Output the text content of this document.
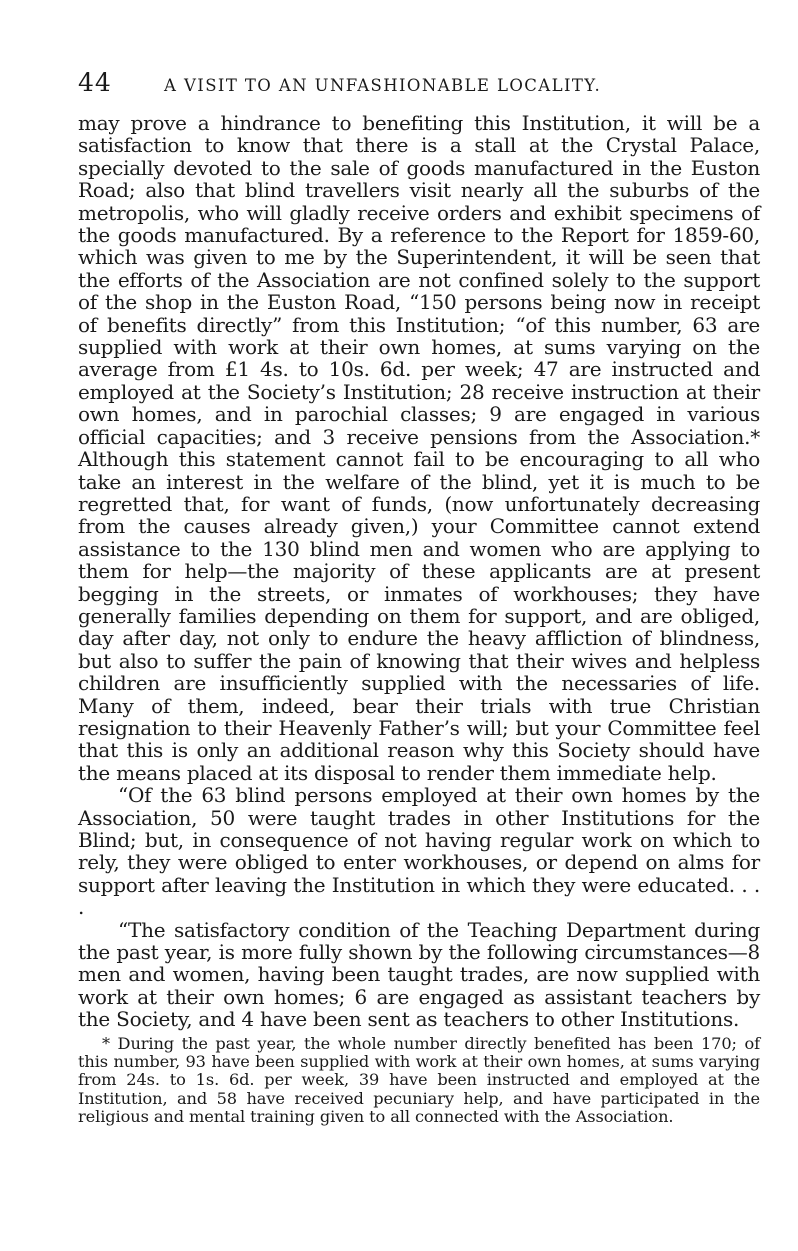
44	A VISIT TO AN UNFASHIONABLE LOCALITY.

may prove a hindrance to benefiting this Institution, it will be a satisfaction to know that there is a stall at the Crystal Palace, specially devoted to the sale of goods manufactured in the Euston Road; also that blind travellers visit nearly all the suburbs of the metropolis, who will gladly receive orders and exhibit specimens of the goods manufactured. By a reference to the Report for 1859-60, which was given to me by the Superintendent, it will be seen that the efforts of the Association are not confined solely to the support of the shop in the Euston Road, “150 persons being now in receipt of benefits directly” from this Institution; “of this number, 63 are supplied with work at their own homes, at sums varying on the average from £1 4s. to 10s. 6d. per week; 47 are instructed and employed at the Society’s Institution; 28 receive instruction at their own homes, and in parochial classes; 9 are engaged in various official capacities; and 3 receive pensions from the Association.* Although this statement cannot fail to be encouraging to all who take an interest in the welfare of the blind, yet it is much to be regretted that, for want of funds, (now unfortunately decreasing from the causes already given,) your Committee cannot extend assistance to the 130 blind men and women who are applying to them for help—the majority of these applicants are at present begging in the streets, or inmates of workhouses; they have generally families depending on them for support, and are obliged, day after day, not only to endure the heavy affliction of blindness, but also to suffer the pain of knowing that their wives and helpless children are insufficiently supplied with the necessaries of life. Many of them, indeed, bear their trials with true Christian resignation to their Heavenly Father’s will; but your Committee feel that this is only an additional reason why this Society should have the means placed at its disposal to render them immediate help.

“Of the 63 blind persons employed at their own homes by the Association, 50 were taught trades in other Institutions for the Blind; but, in consequence of not having regular work on which to rely, they were obliged to enter workhouses, or depend on alms for support after leaving the Institution in which they were educated. . . .

“The satisfactory condition of the Teaching Department during the past year, is more fully shown by the following circumstances—8 men and women, having been taught trades, are now supplied with work at their own homes; 6 are engaged as assistant teachers by the Society, and 4 have been sent as teachers to other Institutions.

* During the past year, the whole number directly benefited has been 170; of this number, 93 have been supplied with work at their own homes, at sums varying from 24s. to 1s. 6d. per week, 39 have been instructed and employed at the Institution, and 58 have received pecuniary help, and have participated in the religious and mental training given to all connected with the Association.
